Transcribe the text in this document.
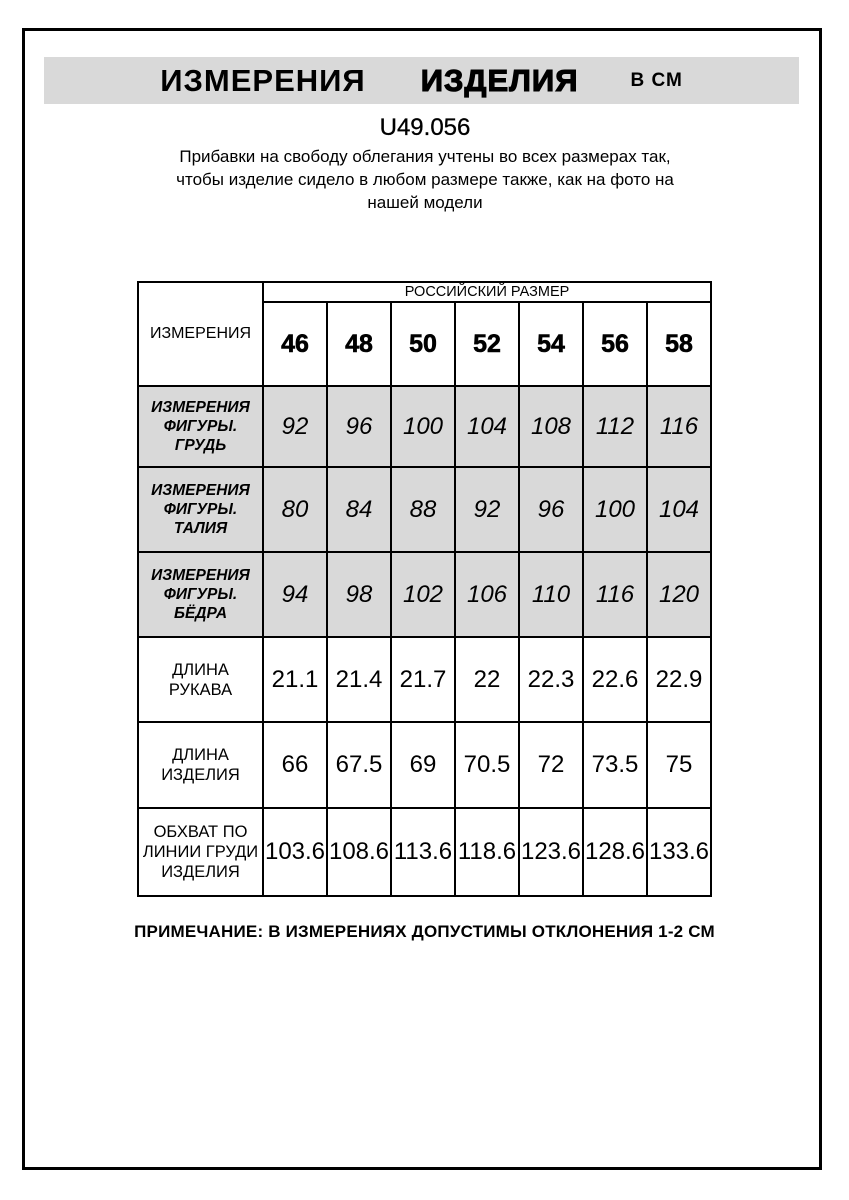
ИЗМЕРЕНИЯ ИЗДЕЛИЯ	В СМ
U49.056
Прибавки на свободу облегания учтены во всех размерах так,
чтобы изделие сидело в любом размере также, как на фото на
нашей модели
ИЗМЕРЕНИЯ	РОССИЙСКИЙ РАЗМЕР						
	46	48	50	52	54	56	58

ИЗМЕРЕНИЯ
ФИГУРЫ. ГРУДЬ	92	96	100	104	108	112	116

ИЗМЕРЕНИЯ
ФИГУРЫ. ТАЛИЯ	80	84	88	92	96	100	104

ИЗМЕРЕНИЯ
ФИГУРЫ. БЁДРА	94	98	102	106	110	116	120

ДЛИНА РУКАВА	21.1	21.4	21.7	22	22.3	22.6	22.9

ДЛИНА ИЗДЕЛИЯ	66	67.5	69	70.5	72	73.5	75

ОБХВАТ ПО
ЛИНИИ ГРУДИ
ИЗДЕЛИЯ	103.6	108.6	113.6	118.6	123.6	128.6	133.6
ПРИМЕЧАНИЕ: В ИЗМЕРЕНИЯХ ДОПУСТИМЫ ОТКЛОНЕНИЯ 1-2 СМ
